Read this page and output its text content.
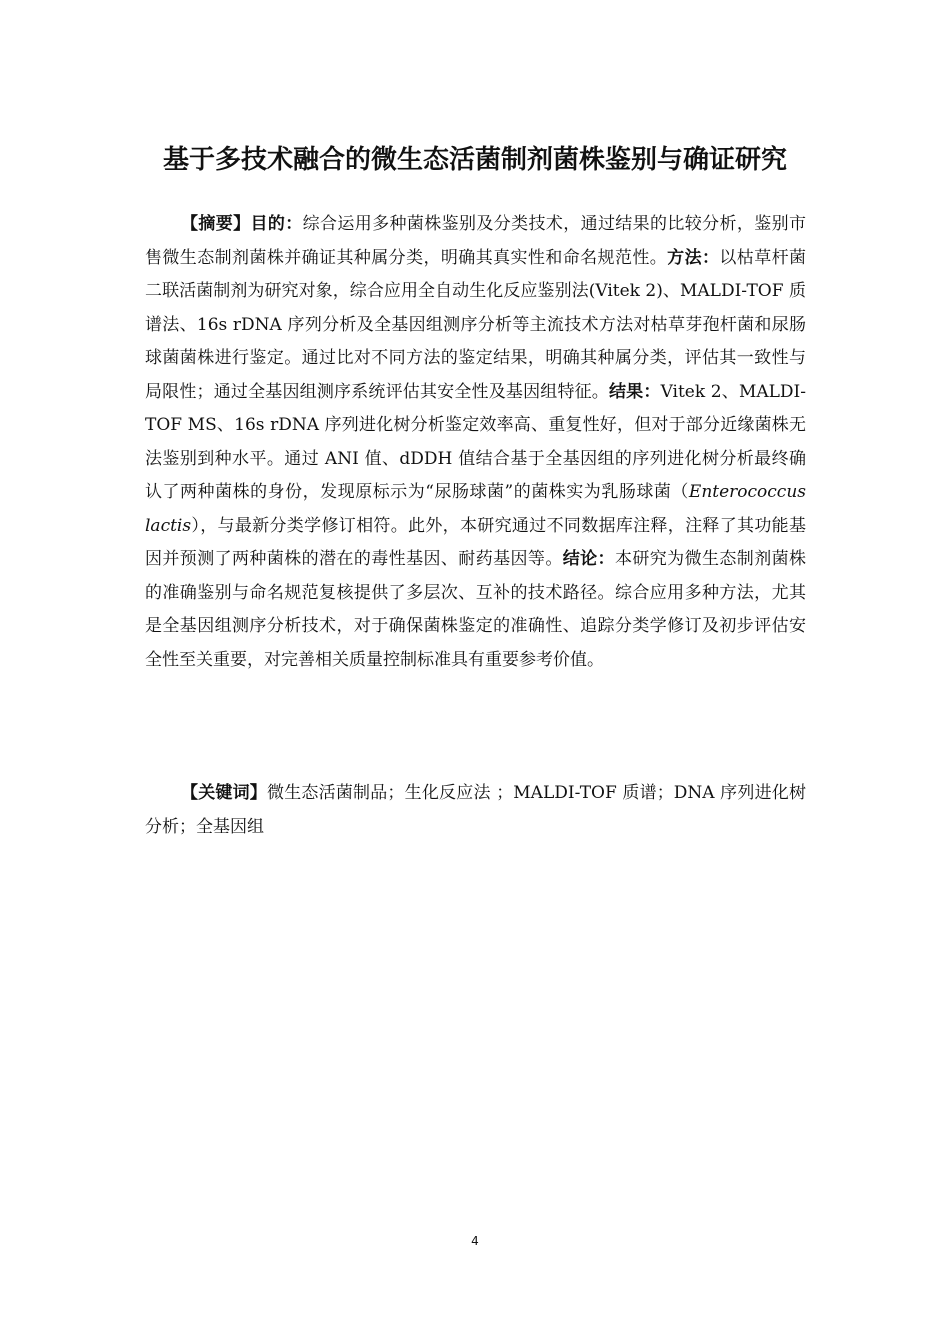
基于多技术融合的微生态活菌制剂菌株鉴别与确证研究

【摘要】目的：综合运用多种菌株鉴别及分类技术，通过结果的比较分析，鉴别市售微生态制剂菌株并确证其种属分类，明确其真实性和命名规范性。方法：以枯草杆菌二联活菌制剂为研究对象，综合应用全自动生化反应鉴别法(Vitek 2)、MALDI-TOF 质谱法、16s rDNA 序列分析及全基因组测序分析等主流技术方法对枯草芽孢杆菌和尿肠球菌菌株进行鉴定。通过比对不同方法的鉴定结果，明确其种属分类，评估其一致性与局限性；通过全基因组测序系统评估其安全性及基因组特征。结果：Vitek 2、MALDI-TOF MS、16s rDNA 序列进化树分析鉴定效率高、重复性好，但对于部分近缘菌株无法鉴别到种水平。通过 ANI 值、dDDH 值结合基于全基因组的序列进化树分析最终确认了两种菌株的身份，发现原标示为“尿肠球菌”的菌株实为乳肠球菌（Enterococcus lactis），与最新分类学修订相符。此外，本研究通过不同数据库注释，注释了其功能基因并预测了两种菌株的潜在的毒性基因、耐药基因等。结论：本研究为微生态制剂菌株的准确鉴别与命名规范复核提供了多层次、互补的技术路径。综合应用多种方法，尤其是全基因组测序分析技术，对于确保菌株鉴定的准确性、追踪分类学修订及初步评估安全性至关重要，对完善相关质量控制标准具有重要参考价值。

【关键词】微生态活菌制品；生化反应法 ；MALDI-TOF 质谱；DNA 序列进化树分析；全基因组

4
